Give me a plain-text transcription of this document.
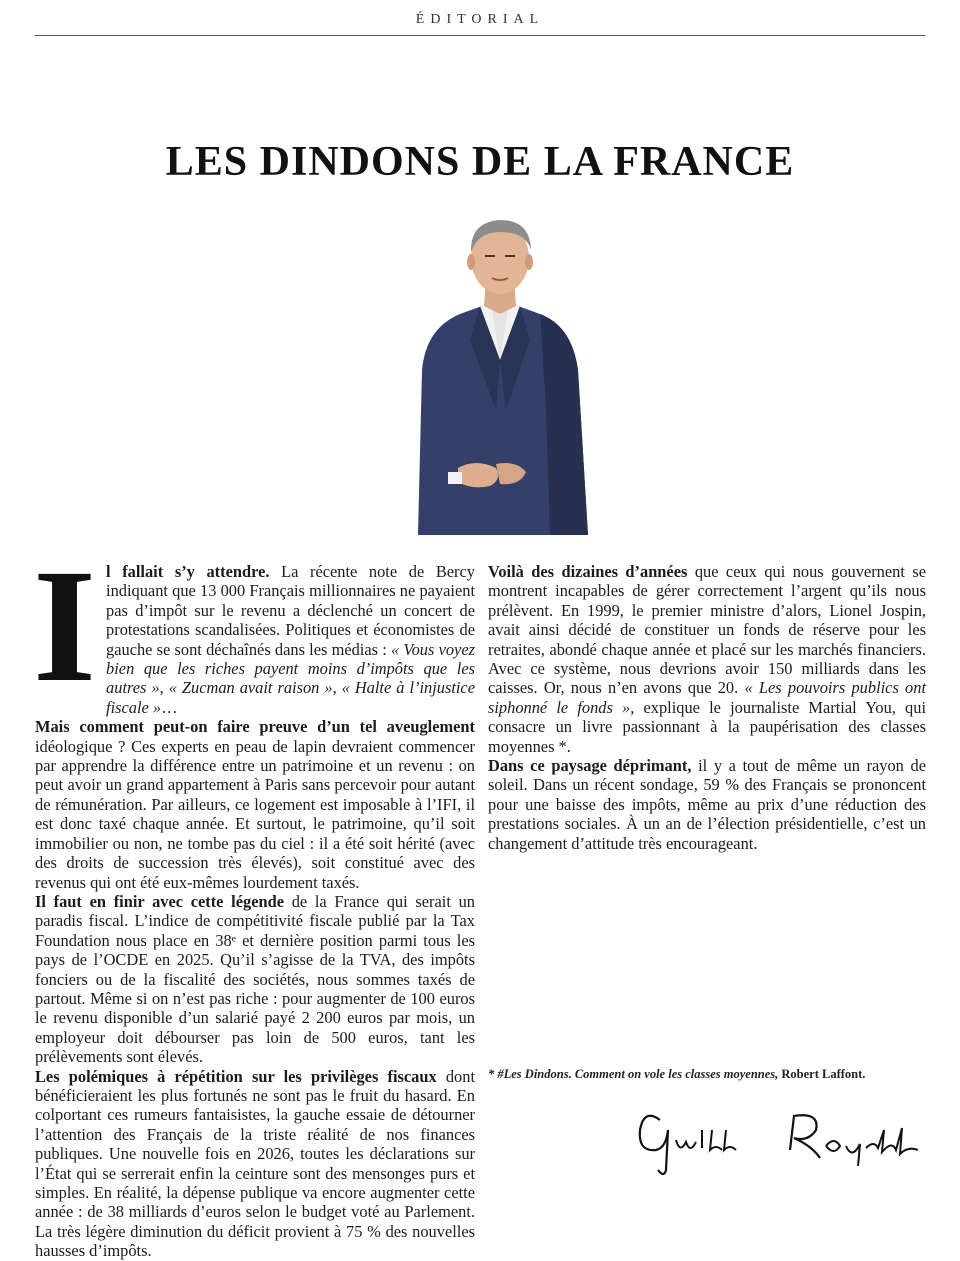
ÉDITORIAL
LES DINDONS DE LA FRANCE

Il fallait s’y attendre. La récente note de Bercy indiquant que 13 000 Français millionnaires ne payaient pas d’impôt sur le revenu a déclenché un concert de protestations scandalisées. Politiques et économistes de gauche se sont déchaînés dans les médias : « Vous voyez bien que les riches payent moins d’impôts que les autres », « Zucman avait raison », « Halte à l’injustice fiscale »…

Mais comment peut-on faire preuve d’un tel aveuglement idéologique ? Ces experts en peau de lapin devraient commencer par apprendre la différence entre un patrimoine et un revenu : on peut avoir un grand appartement à Paris sans percevoir pour autant de rémunération. Par ailleurs, ce logement est imposable à l’IFI, il est donc taxé chaque année. Et surtout, le patrimoine, qu’il soit immobilier ou non, ne tombe pas du ciel : il a été soit hérité (avec des droits de succession très élevés), soit constitué avec des revenus qui ont été eux-mêmes lourdement taxés.

Il faut en finir avec cette légende de la France qui serait un paradis fiscal. L’indice de compétitivité fiscale publié par la Tax Foundation nous place en 38ᵉ et dernière position parmi tous les pays de l’OCDE en 2025. Qu’il s’agisse de la TVA, des impôts fonciers ou de la fiscalité des sociétés, nous sommes taxés de partout. Même si on n’est pas riche : pour augmenter de 100 euros le revenu disponible d’un salarié payé 2 200 euros par mois, un employeur doit débourser pas loin de 500 euros, tant les prélèvements sont élevés.

Les polémiques à répétition sur les privilèges fiscaux dont bénéficieraient les plus fortunés ne sont pas le fruit du hasard. En colportant ces rumeurs fantaisistes, la gauche essaie de détourner l’attention des Français de la triste réalité de nos finances publiques. Une nouvelle fois en 2026, toutes les déclarations sur l’État qui se serrerait enfin la ceinture sont des mensonges purs et simples. En réalité, la dépense publique va encore augmenter cette année : de 38 milliards d’euros selon le budget voté au Parlement. La très légère diminution du déficit provient à 75 % des nouvelles hausses d’impôts.

Voilà des dizaines d’années que ceux qui nous gouvernent se montrent incapables de gérer correctement l’argent qu’ils nous prélèvent. En 1999, le premier ministre d’alors, Lionel Jospin, avait ainsi décidé de constituer un fonds de réserve pour les retraites, abondé chaque année et placé sur les marchés financiers. Avec ce système, nous devrions avoir 150 milliards dans les caisses. Or, nous n’en avons que 20. « Les pouvoirs publics ont siphonné le fonds », explique le journaliste Martial You, qui consacre un livre passionnant à la paupérisation des classes moyennes *.

Dans ce paysage déprimant, il y a tout de même un rayon de soleil. Dans un récent sondage, 59 % des Français se prononcent pour une baisse des impôts, même au prix d’une réduction des prestations sociales. À un an de l’élection présidentielle, c’est un changement d’attitude très encourageant.

* #Les Dindons. Comment on vole les classes moyennes, Robert Laffont.
